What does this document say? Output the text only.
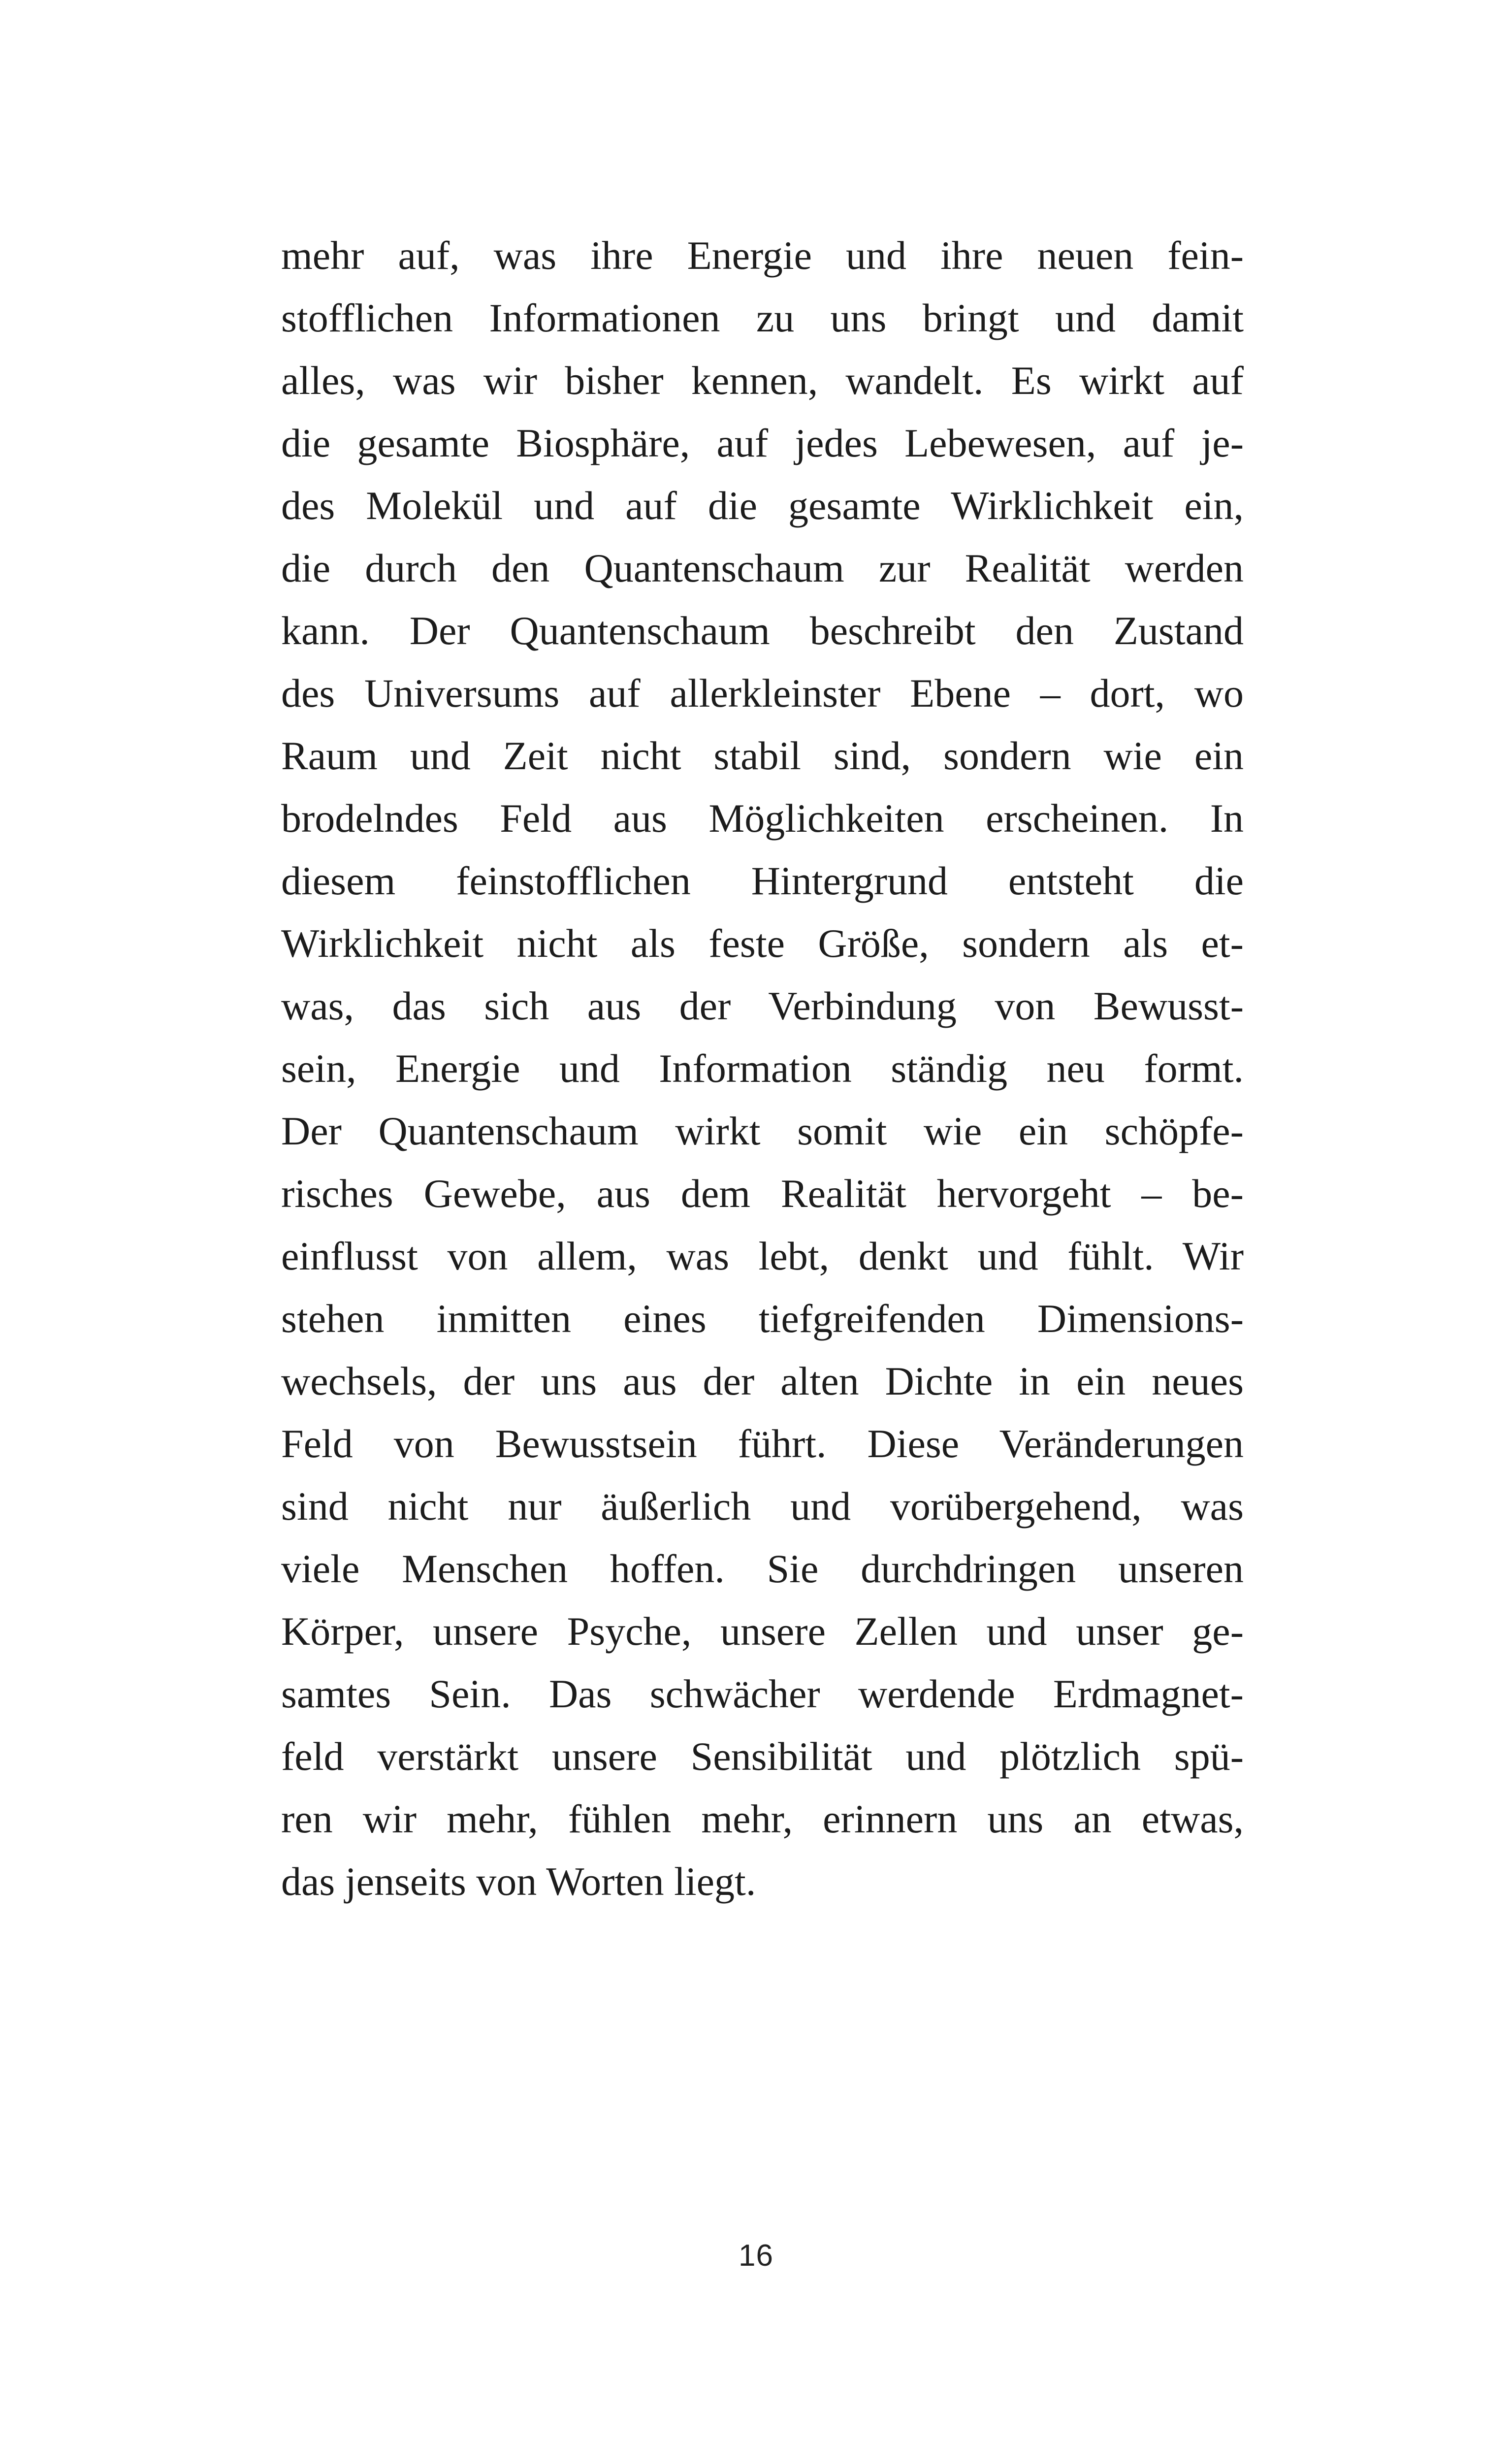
mehr auf, was ihre Energie und ihre neuen fein-
stofflichen Informationen zu uns bringt und damit
alles, was wir bisher kennen, wandelt. Es wirkt auf
die gesamte Biosphäre, auf jedes Lebewesen, auf je-
des Molekül und auf die gesamte Wirklichkeit ein,
die durch den Quantenschaum zur Realität werden
kann. Der Quantenschaum beschreibt den Zustand
des Universums auf allerkleinster Ebene – dort, wo
Raum und Zeit nicht stabil sind, sondern wie ein
brodelndes Feld aus Möglichkeiten erscheinen. In
diesem feinstofflichen Hintergrund entsteht die
Wirklichkeit nicht als feste Größe, sondern als et-
was, das sich aus der Verbindung von Bewusst-
sein, Energie und Information ständig neu formt.
Der Quantenschaum wirkt somit wie ein schöpfe-
risches Gewebe, aus dem Realität hervorgeht – be-
einflusst von allem, was lebt, denkt und fühlt. Wir
stehen inmitten eines tiefgreifenden Dimensions-
wechsels, der uns aus der alten Dichte in ein neues
Feld von Bewusstsein führt. Diese Veränderungen
sind nicht nur äußerlich und vorübergehend, was
viele Menschen hoffen. Sie durchdringen unseren
Körper, unsere Psyche, unsere Zellen und unser ge-
samtes Sein. Das schwächer werdende Erdmagnet-
feld verstärkt unsere Sensibilität und plötzlich spü-
ren wir mehr, fühlen mehr, erinnern uns an etwas,
das jenseits von Worten liegt.
16
